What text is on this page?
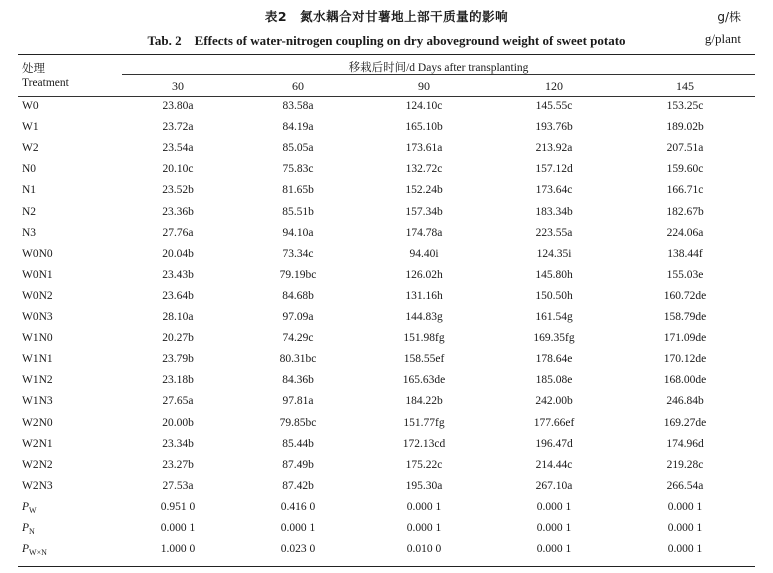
表2　氮水耦合对甘薯地上部干质量的影响	g/株
Tab. 2　Effects of water-nitrogen coupling on dry aboveground weight of sweet potato	g/plant
处理
Treatment
移栽后时间/d Days after transplanting
30	60	90	120	145
W0	23.80a	83.58a	124.10c	145.55c	153.25c
W1	23.72a	84.19a	165.10b	193.76b	189.02b
W2	23.54a	85.05a	173.61a	213.92a	207.51a
N0	20.10c	75.83c	132.72c	157.12d	159.60c
N1	23.52b	81.65b	152.24b	173.64c	166.71c
N2	23.36b	85.51b	157.34b	183.34b	182.67b
N3	27.76a	94.10a	174.78a	223.55a	224.06a
W0N0	20.04b	73.34c	94.40i	124.35i	138.44f
W0N1	23.43b	79.19bc	126.02h	145.80h	155.03e
W0N2	23.64b	84.68b	131.16h	150.50h	160.72de
W0N3	28.10a	97.09a	144.83g	161.54g	158.79de
W1N0	20.27b	74.29c	151.98fg	169.35fg	171.09de
W1N1	23.79b	80.31bc	158.55ef	178.64e	170.12de
W1N2	23.18b	84.36b	165.63de	185.08e	168.00de
W1N3	27.65a	97.81a	184.22b	242.00b	246.84b
W2N0	20.00b	79.85bc	151.77fg	177.66ef	169.27de
W2N1	23.34b	85.44b	172.13cd	196.47d	174.96d
W2N2	23.27b	87.49b	175.22c	214.44c	219.28c
W2N3	27.53a	87.42b	195.30a	267.10a	266.54a
$P_W$	0.951 0	0.416 0	0.000 1	0.000 1	0.000 1
$P_N$	0.000 1	0.000 1	0.000 1	0.000 1	0.000 1
$P_{W\times N}$	1.000 0	0.023 0	0.010 0	0.000 1	0.000 1
